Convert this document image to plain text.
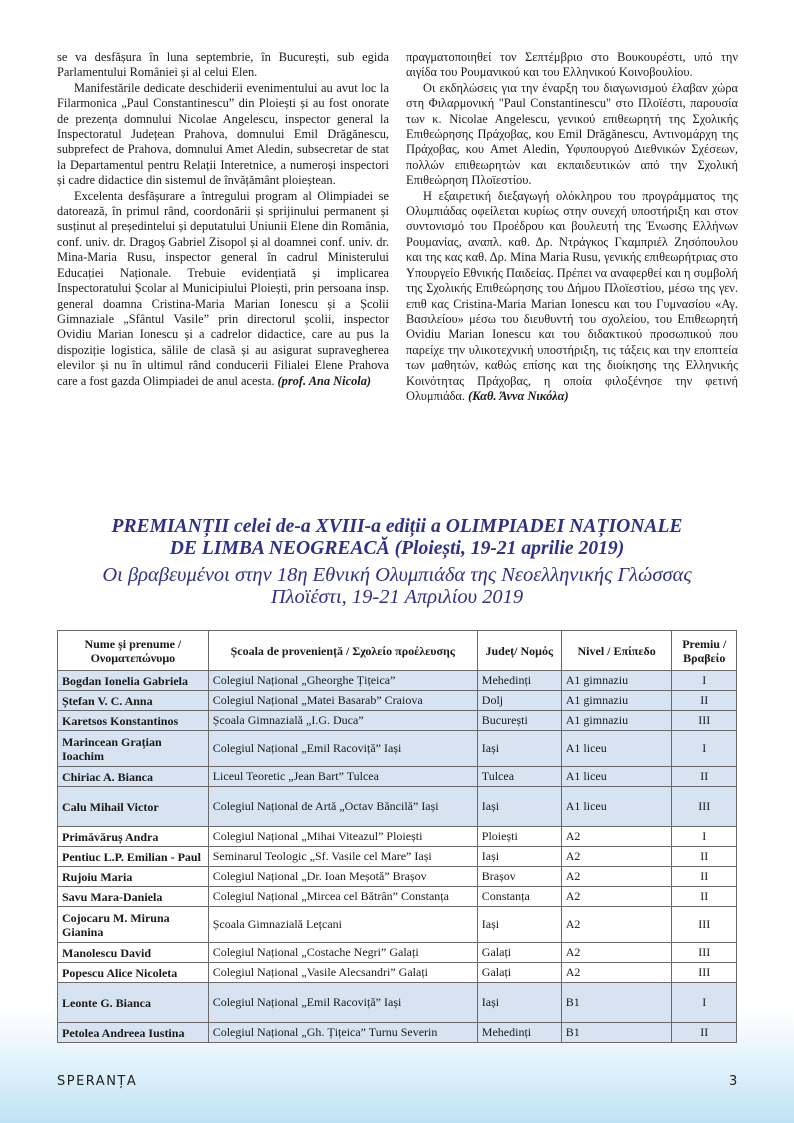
se va desfășura în luna septembrie, în București, sub egida Parlamentului României și al celui Elen.

Manifestările dedicate deschiderii evenimentului au avut loc la Filarmonica „Paul Constantinescu” din Ploiești și au fost onorate de prezența domnului Nicolae Angelescu, inspector general la Inspectoratul Județean Prahova, domnului Emil Drăgănescu, subprefect de Prahova, domnului Amet Aledin, subsecretar de stat la Departamentul pentru Relații Interetnice, a numeroși inspectori și cadre didactice din sistemul de învățământ ploieștean.

Excelenta desfășurare a întregului program al Olimpiadei se datorează, în primul rând, coordonării și sprijinului permanent și susținut al președintelui și deputatului Uniunii Elene din România, conf. univ. dr. Dragoș Gabriel Zisopol și al doamnei conf. univ. dr. Mina-Maria Rusu, inspector general în cadrul Ministerului Educației Naționale. Trebuie evidențiată și implicarea Inspectoratului Școlar al Municipiului Ploiești, prin persoana insp. general doamna Cristina-Maria Marian Ionescu și a Școlii Gimnaziale „Sfântul Vasile” prin directorul școlii, inspector Ovidiu Marian Ionescu și a cadrelor didactice, care au pus la dispoziție logistica, sălile de clasă și au asigurat supravegherea elevilor și nu în ultimul rând conducerii Filialei Elene Prahova care a fost gazda Olimpiadei de anul acesta. (prof. Ana Nicola)

πραγματοποιηθεί τον Σεπτέμβριο στο Βουκουρέστι, υπό την αιγίδα του Ρουμανικού και του Ελληνικού Κοινοβουλίου.

Οι εκδηλώσεις για την έναρξη του διαγωνισμού έλαβαν χώρα στη Φιλαρμονική "Paul Constantinescu" στο Πλοϊέστι, παρουσία των κ. Nicolae Angelescu, γενικού επιθεωρητή της Σχολικής Επιθεώρησης Πράχοβας, κου Emil Drăgănescu, Αντινομάρχη της Πράχοβας, κου Amet Aledin, Υφυπουργού Διεθνικών Σχέσεων, πολλών επιθεωρητών και εκπαιδευτικών από την Σχολική Επιθεώρηση Πλοϊεστίου.

Η εξαιρετική διεξαγωγή ολόκληρου του προγράμματος της Ολυμπιάδας οφείλεται κυρίως στην συνεχή υποστήριξη και στον συντονισμό του Προέδρου και βουλευτή της Ένωσης Ελλήνων Ρουμανίας, αναπλ. καθ. Δρ. Ντράγκος Γκαμπριέλ Ζησόπουλου και της κας καθ. Δρ. Mina Maria Rusu, γενικής επιθεωρήτριας στο Υπουργείο Εθνικής Παιδείας. Πρέπει να αναφερθεί και η συμβολή της Σχολικής Επιθεώρησης του Δήμου Πλοϊεστίου, μέσω της γεν. επιθ κας Cristina-Maria Marian Ionescu και του Γυμνασίου «Αγ. Βασιλείου» μέσω του διευθυντή του σχολείου, του Επιθεωρητή Ovidiu Marian Ionescu και του διδακτικού προσωπικού που παρείχε την υλικοτεχνική υποστήριξη, τις τάξεις και την εποπτεία των μαθητών, καθώς επίσης και της διοίκησης της Ελληνικής Κοινότητας Πράχοβας, η οποία φιλοξένησε την φετινή Ολυμπιάδα. (Καθ. Άννα Νικόλα)

PREMIANȚII celei de-a XVIII-a ediții a OLIMPIADEI NAȚIONALE
DE LIMBA NEOGREACĂ (Ploiești, 19-21 aprilie 2019)
Οι βραβευμένοι στην 18η Εθνική Ολυμπιάδα της Νεοελληνικής Γλώσσας
Πλοϊέστι, 19-21 Απριλίου 2019
Nume și prenume / Ονοματεπώνυμο	Școala de proveniență / Σχολείο προέλευσης	Județ/ Νομός	Nivel / Επίπεδο	Premiu / Βραβείο
Bogdan Ionelia Gabriela	Colegiul Național „Gheorghe Țițeica”	Mehedinți	A1 gimnaziu	I
Ștefan V. C. Anna	Colegiul Național „Matei Basarab” Craiova	Dolj	A1 gimnaziu	II
Karetsos Konstantinos	Școala Gimnazială „I.G. Duca”	București	A1 gimnaziu	III
Marincean Grațian Ioachim	Colegiul Național „Emil Racoviță” Iași	Iași	A1 liceu	I
Chiriac A. Bianca	Liceul Teoretic „Jean Bart” Tulcea	Tulcea	A1 liceu	II
Calu Mihail Victor	Colegiul Național de Artă „Octav Băncilă” Iași	Iași	A1 liceu	III
Primăvăruș Andra	Colegiul Național „Mihai Viteazul” Ploiești	Ploiești	A2	I
Pentiuc L.P. Emilian - Paul	Seminarul Teologic „Sf. Vasile cel Mare” Iași	Iași	A2	II
Rujoiu Maria	Colegiul Național „Dr. Ioan Meșotă” Brașov	Brașov	A2	II
Savu Mara-Daniela	Colegiul Național „Mircea cel Bătrân” Constanța	Constanța	A2	II
Cojocaru M. Miruna Gianina	Școala Gimnazială Lețcani	Iași	A2	III
Manolescu David	Colegiul Național „Costache Negri” Galați	Galați	A2	III
Popescu Alice Nicoleta	Colegiul Național „Vasile Alecsandri” Galați	Galați	A2	III
Leonte G. Bianca	Colegiul Național „Emil Racoviță” Iași	Iași	B1	I
Petolea Andreea Iustina	Colegiul Național „Gh. Țițeica” Turnu Severin	Mehedinți	B1	II
SPERANȚA	3
